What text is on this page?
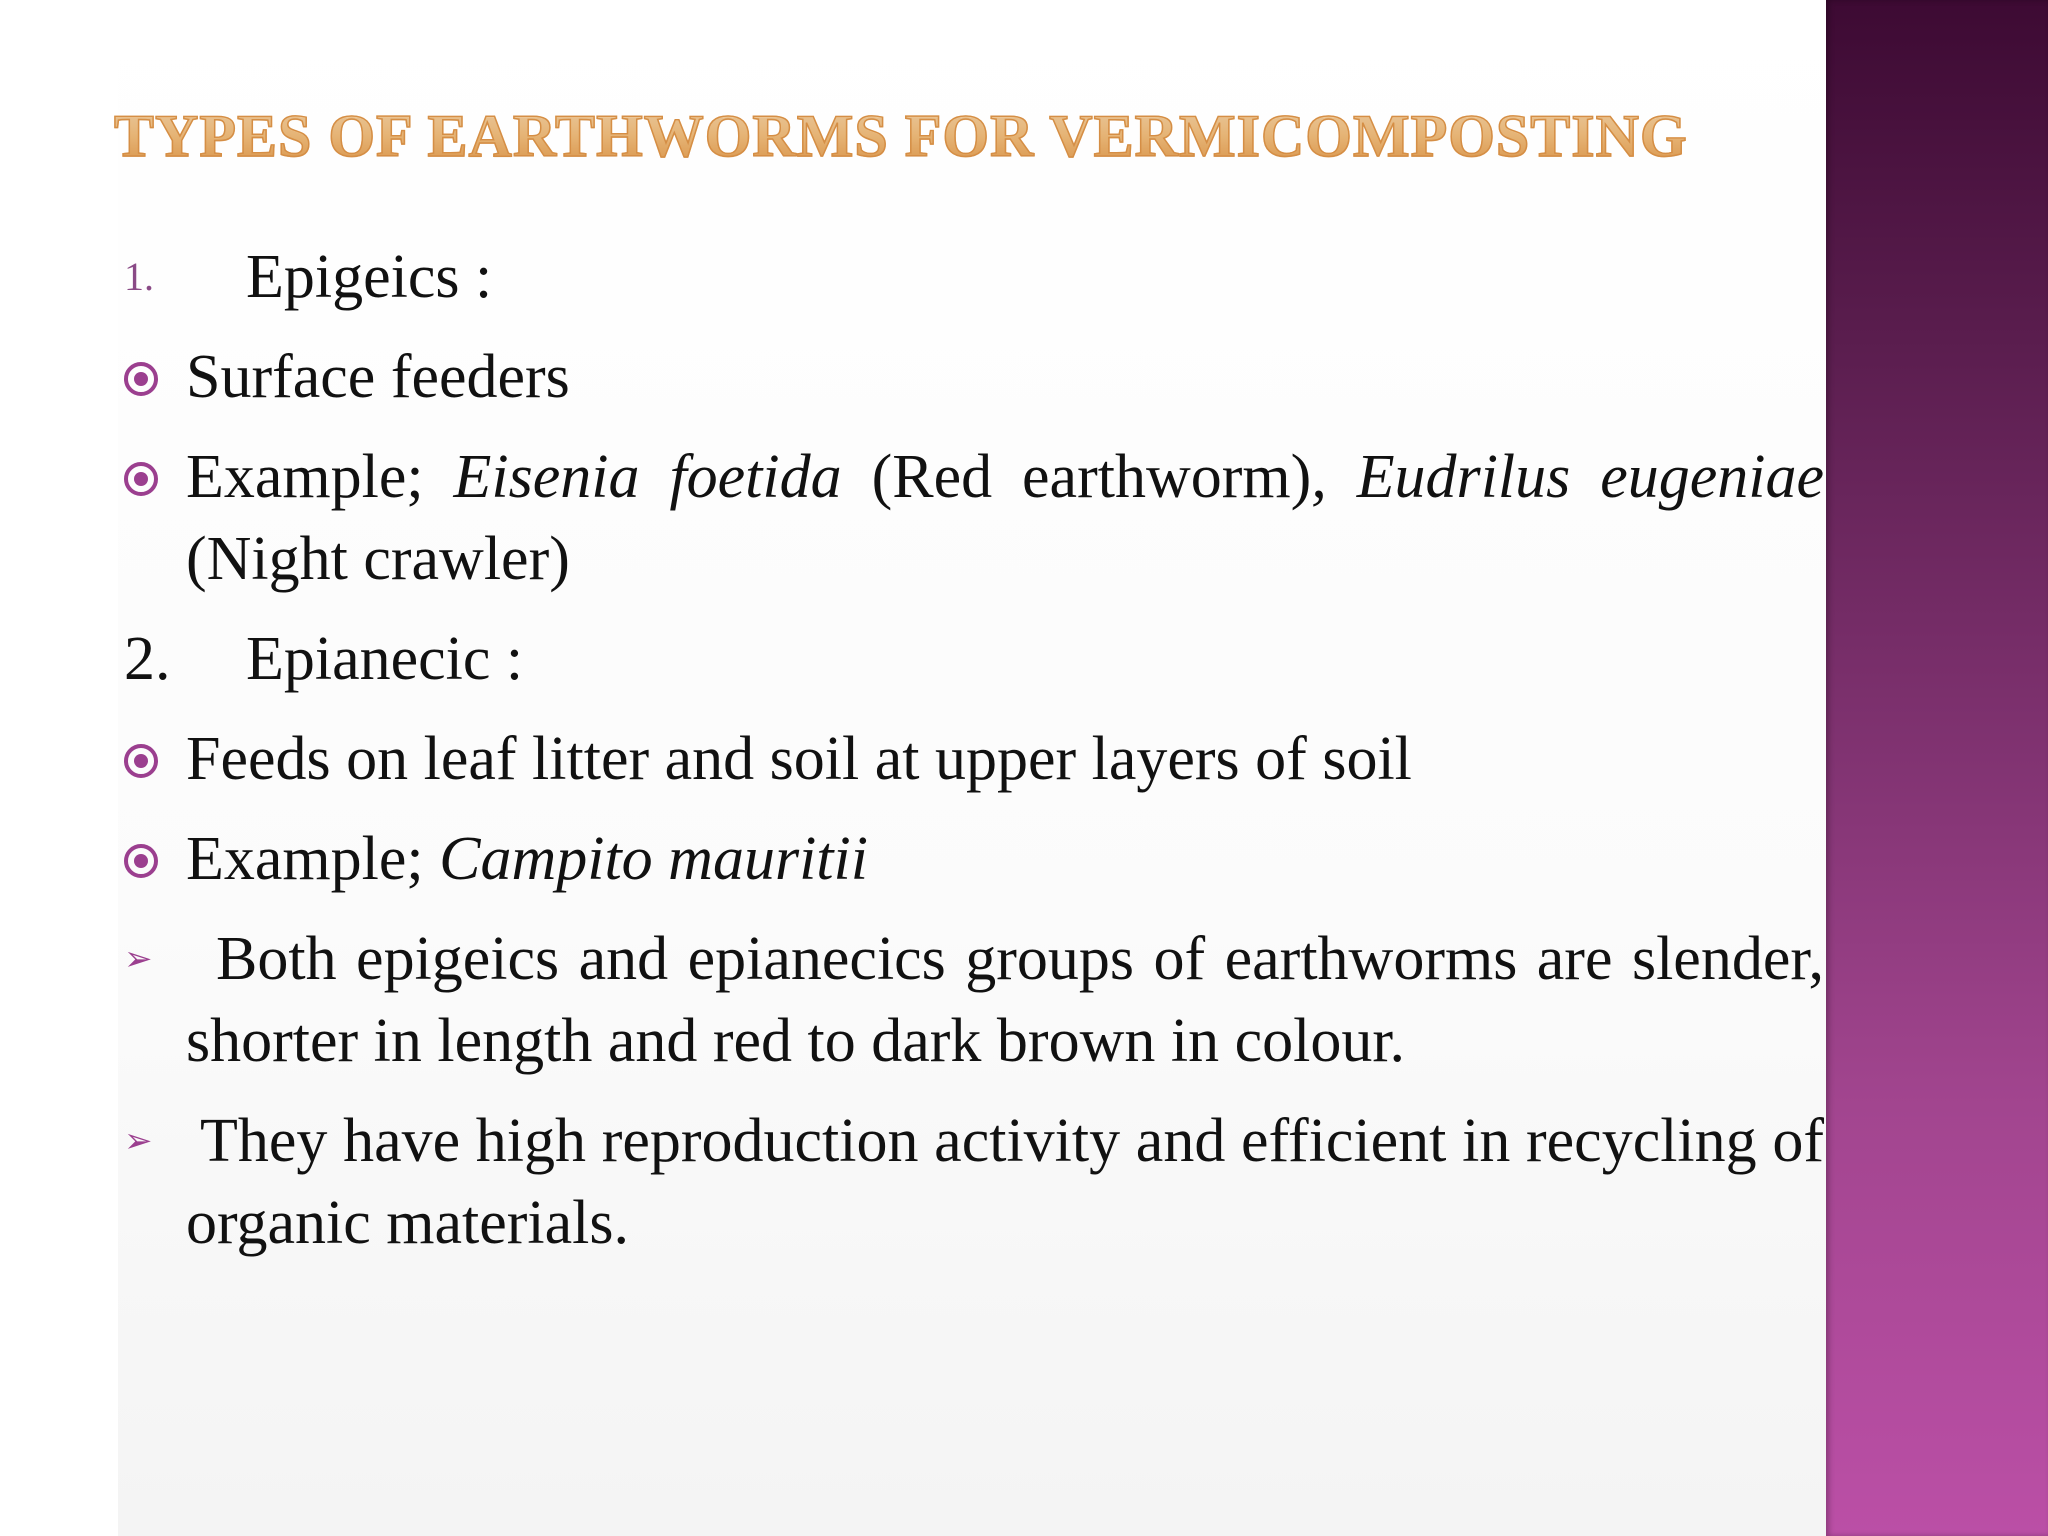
TYPES OF EARTHWORMS FOR VERMICOMPOSTING
1. Epigeics :
Surface feeders
Example; Eisenia foetida (Red earthworm), Eudrilus eugeniae (Night crawler)
2. Epianecic :
Feeds on leaf litter and soil at upper layers of soil
Example; Campito mauritii
➢	Both epigeics and epianecics groups of earthworms are slender, shorter in length and red to dark brown in colour.
➢ They have high reproduction activity and efficient in recycling of organic materials.
